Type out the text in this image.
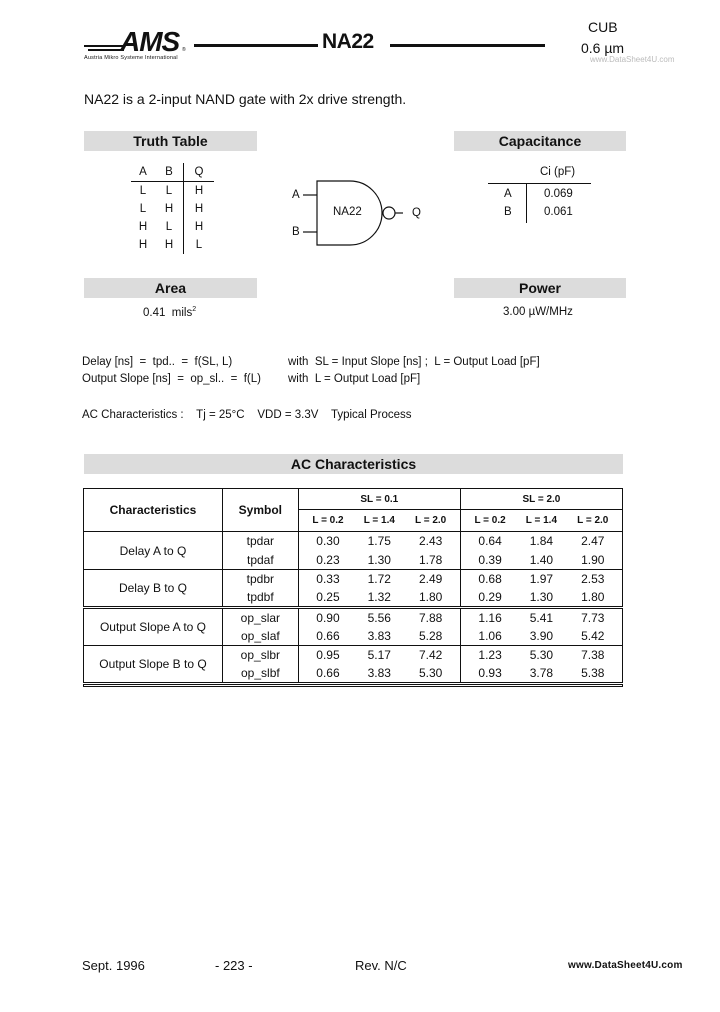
AMS ®
Austria Mikro Systeme International
NA22
CUB
0.6 µm
www.DataSheet4U.com
NA22 is a 2-input NAND gate with 2x drive strength.
Truth Table
A	B	Q
L	L	H
L	H	H
H	L	H
H	H	L
NA22
A
B
Q
Capacitance
Ci (pF)
A	0.069
B	0.061
Area
0.41 mils$^2$
Power
3.00 µW/MHz
Delay [ns]  =  tpd..  =  f(SL, L)	with  SL = Input Slope [ns] ;  L = Output Load [pF]
Output Slope [ns]  =  op_sl..  =  f(L) with  L = Output Load [pF]
AC Characteristics :    Tj = 25°C    VDD = 3.3V    Typical Process
AC Characteristics
Characteristics	Symbol	SL = 0.1			SL = 2.0		
		L = 0.2	L = 1.4	L = 2.0	L = 0.2	L = 1.4	L = 2.0
Delay A to Q	tpdar	0.30	1.75	2.43	0.64	1.84	2.47
	tpdaf	0.23	1.30	1.78	0.39	1.40	1.90
Delay B to Q	tpdbr	0.33	1.72	2.49	0.68	1.97	2.53
	tpdbf	0.25	1.32	1.80	0.29	1.30	1.80
Output Slope A to Q	op_slar	0.90	5.56	7.88	1.16	5.41	7.73
	op_slaf	0.66	3.83	5.28	1.06	3.90	5.42
Output Slope B to Q	op_slbr	0.95	5.17	7.42	1.23	5.30	7.38
	op_slbf	0.66	3.83	5.30	0.93	3.78	5.38

Sept. 1996	- 223 -	Rev. N/C	www.DataSheet4U.com
